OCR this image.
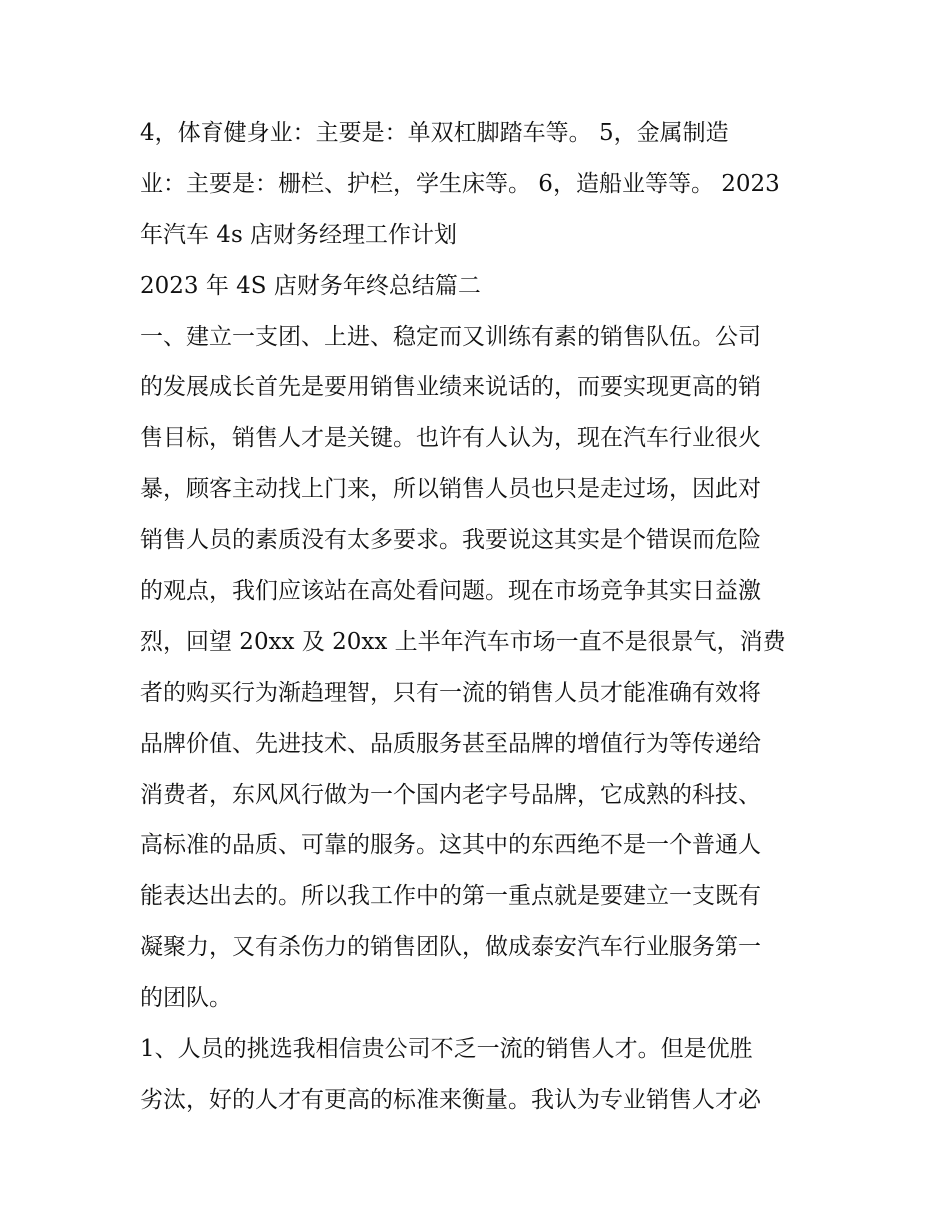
4，体育健身业：主要是：单双杠脚踏车等。 5，金属制造
业：主要是：栅栏、护栏，学生床等。 6，造船业等等。 2023
年汽车 4s 店财务经理工作计划
2023 年 4S 店财务年终总结篇二
一、建立一支团、上进、稳定而又训练有素的销售队伍。公司
的发展成长首先是要用销售业绩来说话的，而要实现更高的销
售目标，销售人才是关键。也许有人认为，现在汽车行业很火
暴，顾客主动找上门来，所以销售人员也只是走过场，因此对
销售人员的素质没有太多要求。我要说这其实是个错误而危险
的观点，我们应该站在高处看问题。现在市场竞争其实日益激
烈，回望 20xx 及 20xx 上半年汽车市场一直不是很景气，消费
者的购买行为渐趋理智，只有一流的销售人员才能准确有效将
品牌价值、先进技术、品质服务甚至品牌的增值行为等传递给
消费者，东风风行做为一个国内老字号品牌，它成熟的科技、
高标准的品质、可靠的服务。这其中的东西绝不是一个普通人
能表达出去的。所以我工作中的第一重点就是要建立一支既有
凝聚力，又有杀伤力的销售团队，做成泰安汽车行业服务第一
的团队。
1、人员的挑选我相信贵公司不乏一流的销售人才。但是优胜
劣汰，好的人才有更高的标准来衡量。我认为专业销售人才必
